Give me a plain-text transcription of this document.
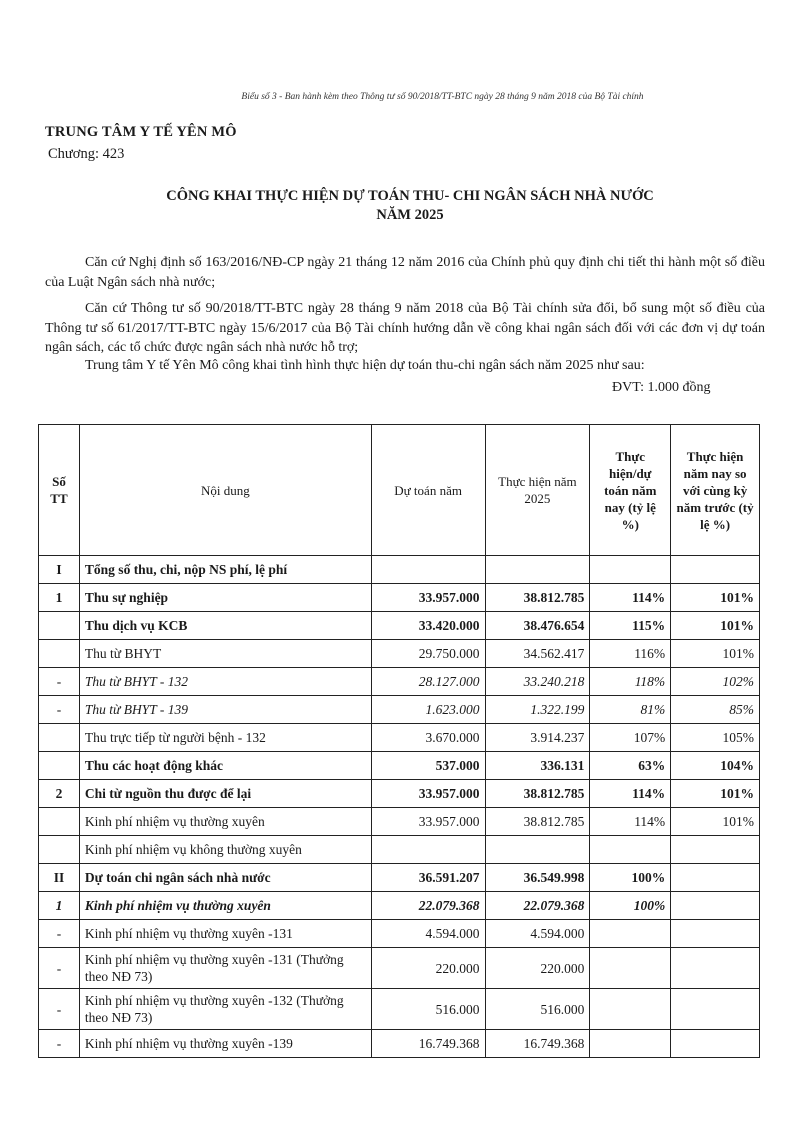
Biểu số 3 - Ban hành kèm theo Thông tư số 90/2018/TT-BTC ngày 28 tháng 9 năm 2018 của Bộ Tài chính
TRUNG TÂM Y TẾ YÊN MÔ
Chương: 423
CÔNG KHAI THỰC HIỆN DỰ TOÁN THU- CHI NGÂN SÁCH NHÀ NƯỚC
NĂM 2025
Căn cứ Nghị định số 163/2016/NĐ-CP ngày 21 tháng 12 năm 2016 của Chính phủ quy định chi tiết thi hành một số điều của Luật Ngân sách nhà nước;
Căn cứ Thông tư số 90/2018/TT-BTC ngày 28 tháng 9 năm 2018 của Bộ Tài chính sửa đổi, bổ sung một số điều của Thông tư số 61/2017/TT-BTC ngày 15/6/2017 của Bộ Tài chính hướng dẫn về công khai ngân sách đối với các đơn vị dự toán ngân sách, các tổ chức được ngân sách nhà nước hỗ trợ;
Trung tâm Y tế Yên Mô công khai tình hình thực hiện dự toán thu-chi ngân sách năm 2025 như sau:
ĐVT: 1.000 đồng
Số TT	Nội dung	Dự toán năm	Thực hiện năm 2025	Thực hiện/dự toán năm nay (tỷ lệ %)	Thực hiện năm nay so với cùng kỳ năm trước (tỷ lệ %)
I	Tổng số thu, chi, nộp NS phí, lệ phí				
1	Thu sự nghiệp	33.957.000	38.812.785	114%	101%
	Thu dịch vụ KCB	33.420.000	38.476.654	115%	101%
	Thu từ BHYT	29.750.000	34.562.417	116%	101%
-	Thu từ BHYT - 132	28.127.000	33.240.218	118%	102%
-	Thu từ BHYT - 139	1.623.000	1.322.199	81%	85%
	Thu trực tiếp từ người bệnh - 132	3.670.000	3.914.237	107%	105%
	Thu các hoạt động khác	537.000	336.131	63%	104%
2	Chi từ nguồn thu được để lại	33.957.000	38.812.785	114%	101%
	Kinh phí nhiệm vụ thường xuyên	33.957.000	38.812.785	114%	101%
	Kinh phí nhiệm vụ không thường xuyên				
II	Dự toán chi ngân sách nhà nước	36.591.207	36.549.998	100%	
1	Kinh phí nhiệm vụ thường xuyên	22.079.368	22.079.368	100%	
-	Kinh phí nhiệm vụ thường xuyên -131	4.594.000	4.594.000		
-	Kinh phí nhiệm vụ thường xuyên -131 (Thưởng theo NĐ 73)	220.000	220.000		
-	Kinh phí nhiệm vụ thường xuyên -132 (Thưởng theo NĐ 73)	516.000	516.000		
-	Kinh phí nhiệm vụ thường xuyên -139	16.749.368	16.749.368		
